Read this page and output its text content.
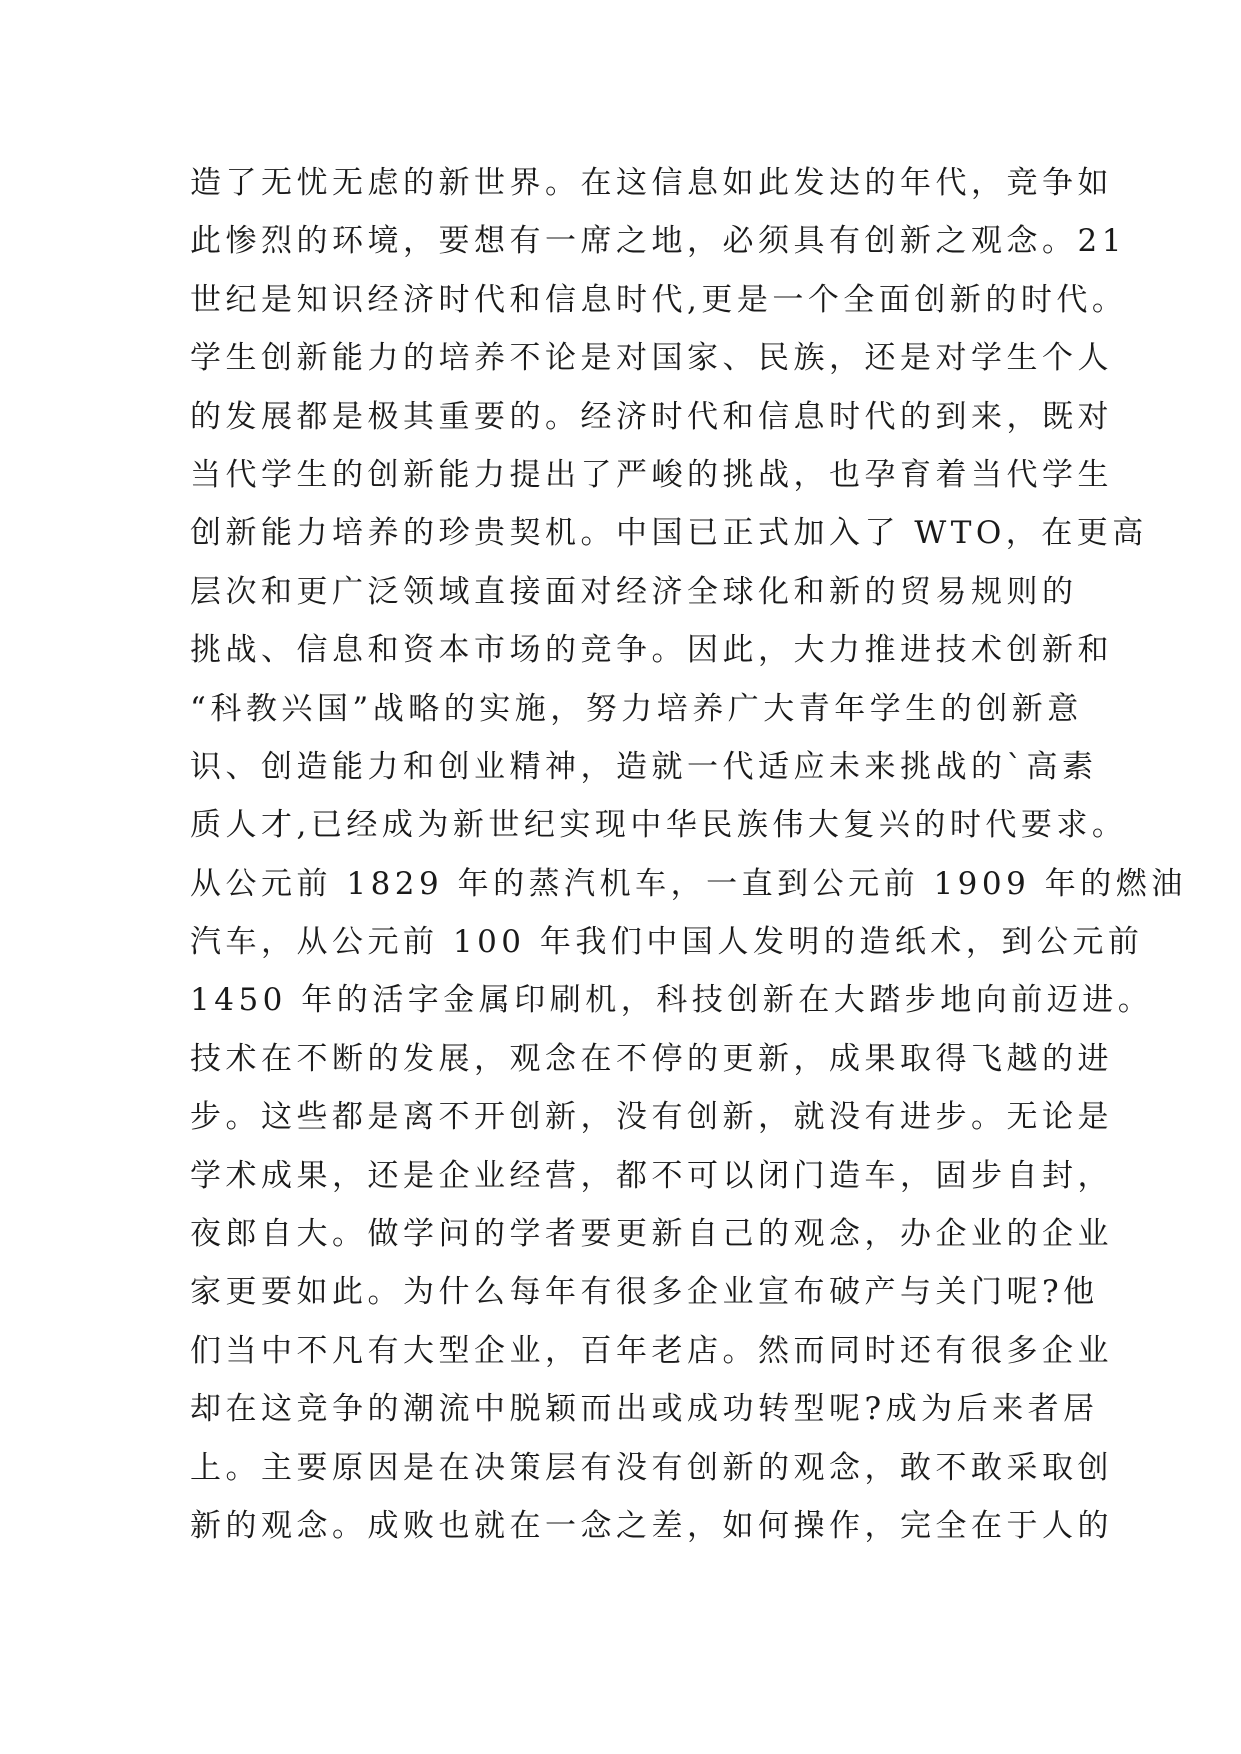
造了无忧无虑的新世界。在这信息如此发达的年代，竞争如
此惨烈的环境，要想有一席之地，必须具有创新之观念。21
世纪是知识经济时代和信息时代,更是一个全面创新的时代。
学生创新能力的培养不论是对国家、民族，还是对学生个人
的发展都是极其重要的。经济时代和信息时代的到来，既对
当代学生的创新能力提出了严峻的挑战，也孕育着当代学生
创新能力培养的珍贵契机。中国已正式加入了 WTO，在更高
层次和更广泛领域直接面对经济全球化和新的贸易规则的
挑战、信息和资本市场的竞争。因此，大力推进技术创新和
“科教兴国”战略的实施，努力培养广大青年学生的创新意
识、创造能力和创业精神，造就一代适应未来挑战的`高素
质人才,已经成为新世纪实现中华民族伟大复兴的时代要求。
从公元前 1829 年的蒸汽机车，一直到公元前 1909 年的燃油
汽车，从公元前 100 年我们中国人发明的造纸术，到公元前
1450 年的活字金属印刷机，科技创新在大踏步地向前迈进。
技术在不断的发展，观念在不停的更新，成果取得飞越的进
步。这些都是离不开创新，没有创新，就没有进步。无论是
学术成果，还是企业经营，都不可以闭门造车，固步自封，
夜郎自大。做学问的学者要更新自己的观念，办企业的企业
家更要如此。为什么每年有很多企业宣布破产与关门呢?他
们当中不凡有大型企业，百年老店。然而同时还有很多企业
却在这竞争的潮流中脱颖而出或成功转型呢?成为后来者居
上。主要原因是在决策层有没有创新的观念，敢不敢采取创
新的观念。成败也就在一念之差，如何操作，完全在于人的
